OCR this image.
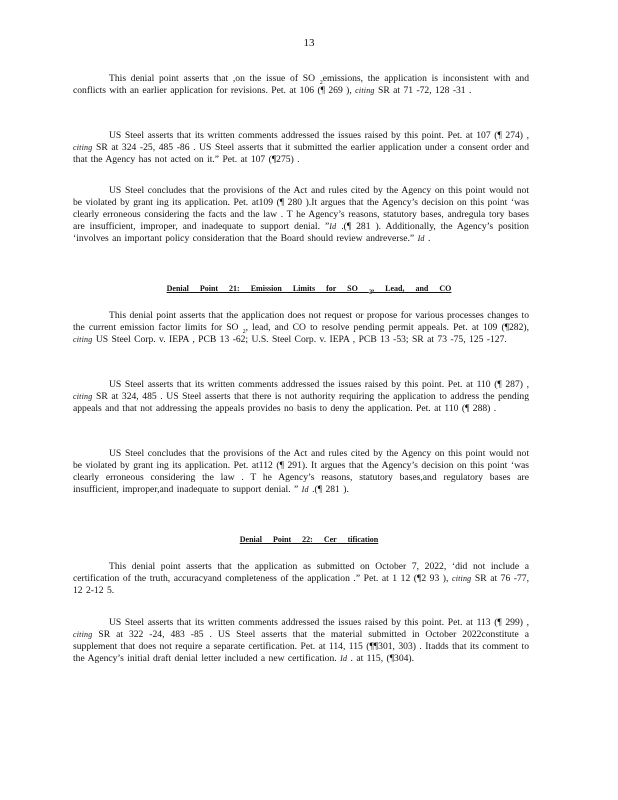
13

This denial point asserts that ,on the issue of SO $_2$emissions, the application is inconsistent with and conflicts with an earlier application for revisions. Pet. at 106 (¶ 269 ), citing SR at 71 -72, 128 -31 .

US Steel asserts that its written comments addressed the issues raised by this point. Pet. at 107 (¶ 274) , citing SR at 324 -25, 485 -86 . US Steel asserts that it submitted the earlier application under a consent order and that the Agency has not acted on it.” Pet. at 107 (¶275) .

US Steel concludes that the provisions of the Act and rules cited by the Agency on this point would not be violated by grant ing its application. Pet. at109 (¶ 280 ).It argues that the Agency’s decision on this point ‘was clearly erroneous considering the facts and the law . T he Agency’s reasons, statutory bases, andregula tory bases are insufficient, improper, and inadequate to support denial. ”Id .(¶ 281 ). Additionally, the Agency’s position ‘involves an important policy consideration that the Board should review andreverse.” Id .

Denial Point 21: Emission Limits for SO $_2$, Lead, and CO

This denial point asserts that the application does not request or propose for various processes changes to the current emission factor limits for SO $_2$, lead, and CO to resolve pending permit appeals. Pet. at 109 (¶282), citing US Steel Corp. v. IEPA , PCB 13 -62; U.S. Steel Corp. v. IEPA , PCB 13 -53; SR at 73 -75, 125 -127.

US Steel asserts that its written comments addressed the issues raised by this point. Pet. at 110 (¶ 287) , citing SR at 324, 485 . US Steel asserts that there is not authority requiring the application to address the pending appeals and that not addressing the appeals provides no basis to deny the application. Pet. at 110 (¶ 288) .

US Steel concludes that the provisions of the Act and rules cited by the Agency on this point would not be violated by grant ing its application. Pet. at112 (¶ 291). It argues that the Agency’s decision on this point ‘was clearly erroneous considering the law . T he Agency’s reasons, statutory bases,and regulatory bases are insufficient, improper,and inadequate to support denial. ” Id .(¶ 281 ).

Denial Point 22: Cer tification

This denial point asserts that the application as submitted on October 7, 2022, ‘did not include a certification of the truth, accuracyand completeness of the application .” Pet. at 1 12 (¶2 93 ), citing SR at 76 -77, 12 2-12 5.

US Steel asserts that its written comments addressed the issues raised by this point. Pet. at 113 (¶ 299) , citing SR at 322 -24, 483 -85 . US Steel asserts that the material submitted in October 2022constitute a supplement that does not require a separate certification. Pet. at 114, 115 (¶¶301, 303) . Itadds that its comment to the Agency’s initial draft denial letter included a new certification. Id . at 115, (¶304).
